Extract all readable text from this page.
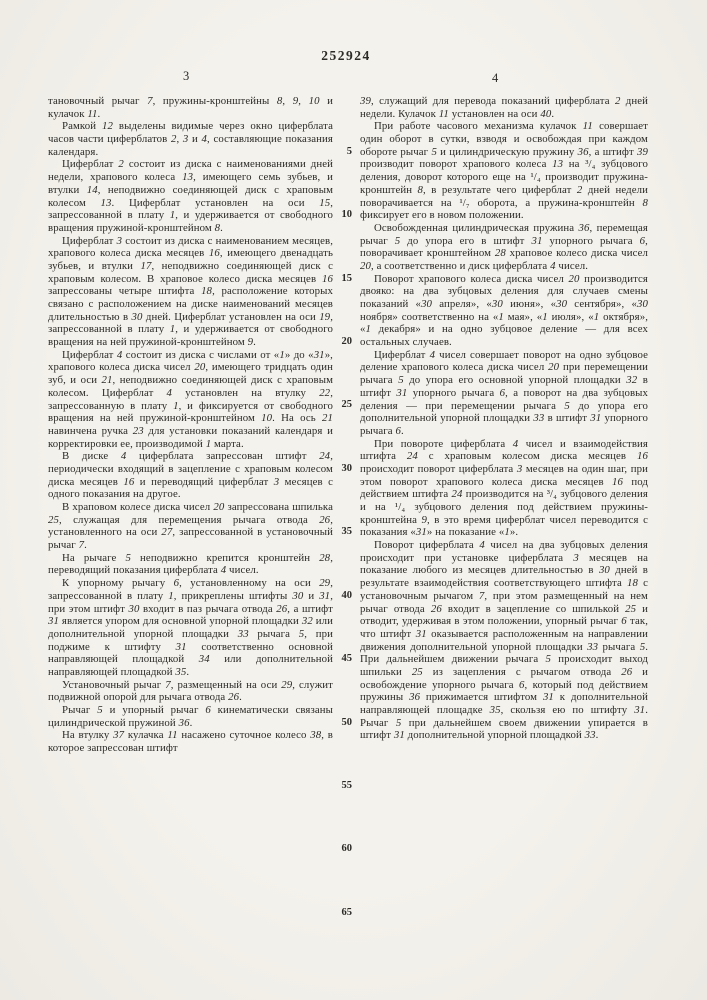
252924
3	4

тановочный рычаг 7, пружины-кронштейны 8, 9, 10 и кулачок 11.

Рамкой 12 выделены видимые через окно циферблата часов части циферблатов 2, 3 и 4, составляющие показания календаря.

Циферблат 2 состоит из диска с наименованиями дней недели, храпового колеса 13, имеющего семь зубьев, и втулки 14, неподвижно соединяющей диск с храповым колесом 13. Циферблат установлен на оси 15, запрессованной в плату 1, и удерживается от свободного вращения пружиной-кронштейном 8.

Циферблат 3 состоит из диска с наименованием месяцев, храпового колеса диска месяцев 16, имеющего двенадцать зубьев, и втулки 17, неподвижно соединяющей диск с храповым колесом. В храповое колесо диска месяцев 16 запрессованы четыре штифта 18, расположение которых связано с расположением на диске наименований месяцев длительностью в 30 дней. Циферблат установлен на оси 19, запрессованной в плату 1, и удерживается от свободного вращения на ней пружиной-кронштейном 9.

Циферблат 4 состоит из диска с числами от «1» до «31», храпового колеса диска чисел 20, имеющего тридцать один зуб, и оси 21, неподвижно соединяющей диск с храповым колесом. Циферблат 4 установлен на втулку 22, запрессованную в плату 1, и фиксируется от свободного вращения на ней пружиной-кронштейном 10. На ось 21 навинчена ручка 23 для установки показаний календаря и корректировки ее, производимой 1 марта.

В диске 4 циферблата запрессован штифт 24, периодически входящий в зацепление с храповым колесом диска месяцев 16 и переводящий циферблат 3 месяцев с одного показания на другое.

В храповом колесе диска чисел 20 запрессована шпилька 25, служащая для перемещения рычага отвода 26, установленного на оси 27, запрессованной в установочный рычаг 7.

На рычаге 5 неподвижно крепится кронштейн 28, переводящий показания циферблата 4 чисел.

К упорному рычагу 6, установленному на оси 29, запрессованной в плату 1, прикреплены штифты 30 и 31, при этом штифт 30 входит в паз рычага отвода 26, а штифт 31 является упором для основной упорной площадки 32 или дополнительной упорной площадки 33 рычага 5, при поджиме к штифту 31 соответственно основной направляющей площадкой 34 или дополнительной направляющей площадкой 35.

Установочный рычаг 7, размещенный на оси 29, служит подвижной опорой для рычага отвода 26.

Рычаг 5 и упорный рычаг 6 кинематически связаны цилиндрической пружиной 36.

На втулку 37 кулачка 11 насажено суточное колесо 38, в которое запрессован штифт

5
10
15
20
25
30
35
40
45
50
55
60
65

39, служащий для перевода показаний циферблата 2 дней недели. Кулачок 11 установлен на оси 40.

При работе часового механизма кулачок 11 совершает один оборот в сутки, взводя и освобождая при каждом обороте рычаг 5 и цилиндрическую пружину 36, а штифт 39 производит поворот храпового колеса 13 на ³/₄ зубцового деления, доворот которого еще на ¹/₄ производит пружина-кронштейн 8, в результате чего циферблат 2 дней недели поворачивается на ¹/₇ оборота, а пружина-кронштейн 8 фиксирует его в новом положении.

Освобожденная цилиндрическая пружина 36, перемещая рычаг 5 до упора его в штифт 31 упорного рычага 6, поворачивает кронштейном 28 храповое колесо диска чисел 20, а соответственно и диск циферблата 4 чисел.

Поворот храпового колеса диска чисел 20 производится двояко: на два зубцовых деления для случаев смены показаний «30 апреля», «30 июня», «30 сентября», «30 ноября» соответственно на «1 мая», «1 июля», «1 октября», «1 декабря» и на одно зубцовое деление — для всех остальных случаев.

Циферблат 4 чисел совершает поворот на одно зубцовое деление храпового колеса диска чисел 20 при перемещении рычага 5 до упора его основной упорной площадки 32 в штифт 31 упорного рычага 6, а поворот на два зубцовых деления — при перемещении рычага 5 до упора его дополнительной упорной площадки 33 в штифт 31 упорного рычага 6.

При повороте циферблата 4 чисел и взаимодействия штифта 24 с храповым колесом диска месяцев 16 происходит поворот циферблата 3 месяцев на один шаг, при этом поворот храпового колеса диска месяцев 16 под действием штифта 24 производится на ³/₄ зубцового деления и на ¹/₄ зубцового деления под действием пружины-кронштейна 9, в это время циферблат чисел переводится с показания «31» на показание «1».

Поворот циферблата 4 чисел на два зубцовых деления происходит при установке циферблата 3 месяцев на показание любого из месяцев длительностью в 30 дней в результате взаимодействия соответствующего штифта 18 с установочным рычагом 7, при этом размещенный на нем рычаг отвода 26 входит в зацепление со шпилькой 25 и отводит, удерживая в этом положении, упорный рычаг 6 так, что штифт 31 оказывается расположенным на направлении движения дополнительной упорной площадки 33 рычага 5. При дальнейшем движении рычага 5 происходит выход шпильки 25 из зацепления с рычагом отвода 26 и освобождение упорного рычага 6, который под действием пружины 36 прижимается штифтом 31 к дополнительной направляющей площадке 35, скользя ею по штифту 31. Рычаг 5 при дальнейшем своем движении упирается в штифт 31 дополнительной упорной площадкой 33.
